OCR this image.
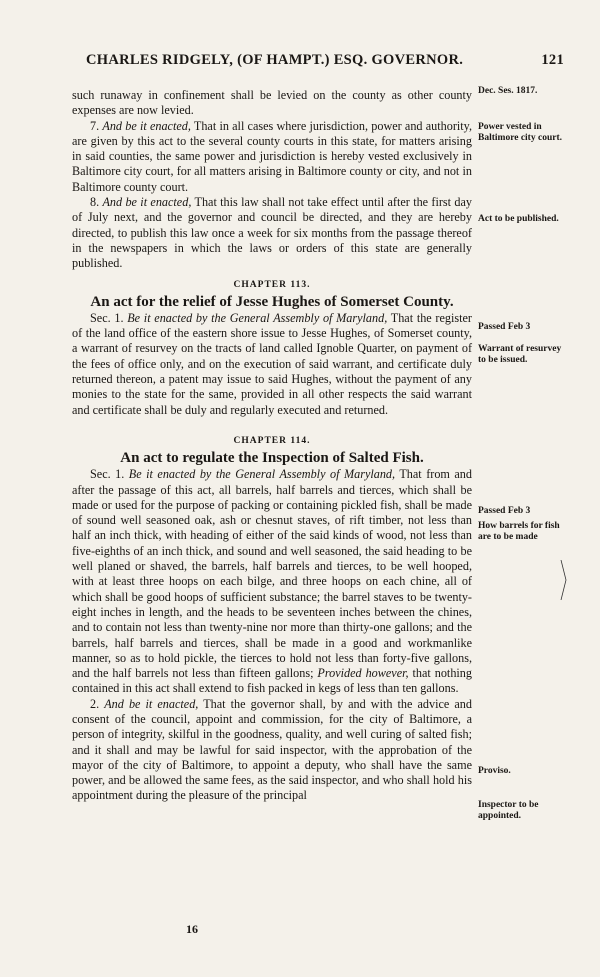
CHARLES RIDGELY, (OF HAMPT.) ESQ. GOVERNOR.	121

such runaway in confinement shall be levied on the county as other county expenses are now levied.

7. And be it enacted, That in all cases where jurisdiction, power and authority, are given by this act to the several county courts in this state, for matters arising in said counties, the same power and jurisdiction is hereby vested exclusively in Baltimore city court, for all matters arising in Baltimore county or city, and not in Baltimore county court.

8. And be it enacted, That this law shall not take effect until after the first day of July next, and the governor and council be directed, and they are hereby directed, to publish this law once a week for six months from the passage thereof in the newspapers in which the laws or orders of this state are generally published.

CHAPTER 113.

An act for the relief of Jesse Hughes of Somerset County.

Sec. 1. Be it enacted by the General Assembly of Maryland, That the register of the land office of the eastern shore issue to Jesse Hughes, of Somerset county, a warrant of resurvey on the tracts of land called Ignoble Quarter, on payment of the fees of office only, and on the execution of said warrant, and certificate duly returned thereon, a patent may issue to said Hughes, without the payment of any monies to the state for the same, provided in all other respects the said warrant and certificate shall be duly and regularly executed and returned.

CHAPTER 114.

An act to regulate the Inspection of Salted Fish.

Sec. 1. Be it enacted by the General Assembly of Maryland, That from and after the passage of this act, all barrels, half barrels and tierces, which shall be made or used for the purpose of packing or containing pickled fish, shall be made of sound well seasoned oak, ash or chesnut staves, of rift timber, not less than half an inch thick, with heading of either of the said kinds of wood, not less than five-eighths of an inch thick, and sound and well seasoned, the said heading to be well planed or shaved, the barrels, half barrels and tierces, to be well hooped, with at least three hoops on each bilge, and three hoops on each chine, all of which shall be good hoops of sufficient substance; the barrel staves to be twenty-eight inches in length, and the heads to be seventeen inches between the chines, and to contain not less than twenty-nine nor more than thirty-one gallons; and the barrels, half barrels and tierces, shall be made in a good and workmanlike manner, so as to hold pickle, the tierces to hold not less than forty-five gallons, and the half barrels not less than fifteen gallons; Provided however, that nothing contained in this act shall extend to fish packed in kegs of less than ten gallons.

2. And be it enacted, That the governor shall, by and with the advice and consent of the council, appoint and commission, for the city of Baltimore, a person of integrity, skilful in the goodness, quality, and well curing of salted fish; and it shall and may be lawful for said inspector, with the approbation of the mayor of the city of Baltimore, to appoint a deputy, who shall have the same power, and be allowed the same fees, as the said inspector, and who shall hold his appointment during the pleasure of the principal

Dec. Ses. 1817.
Power vested in Baltimore city court.
Act to be published.
Passed Feb 3
Warrant of resurvey to be issued.
Passed Feb 3
How barrels for fish are to be made
Proviso.
Inspector to be appointed.
16
